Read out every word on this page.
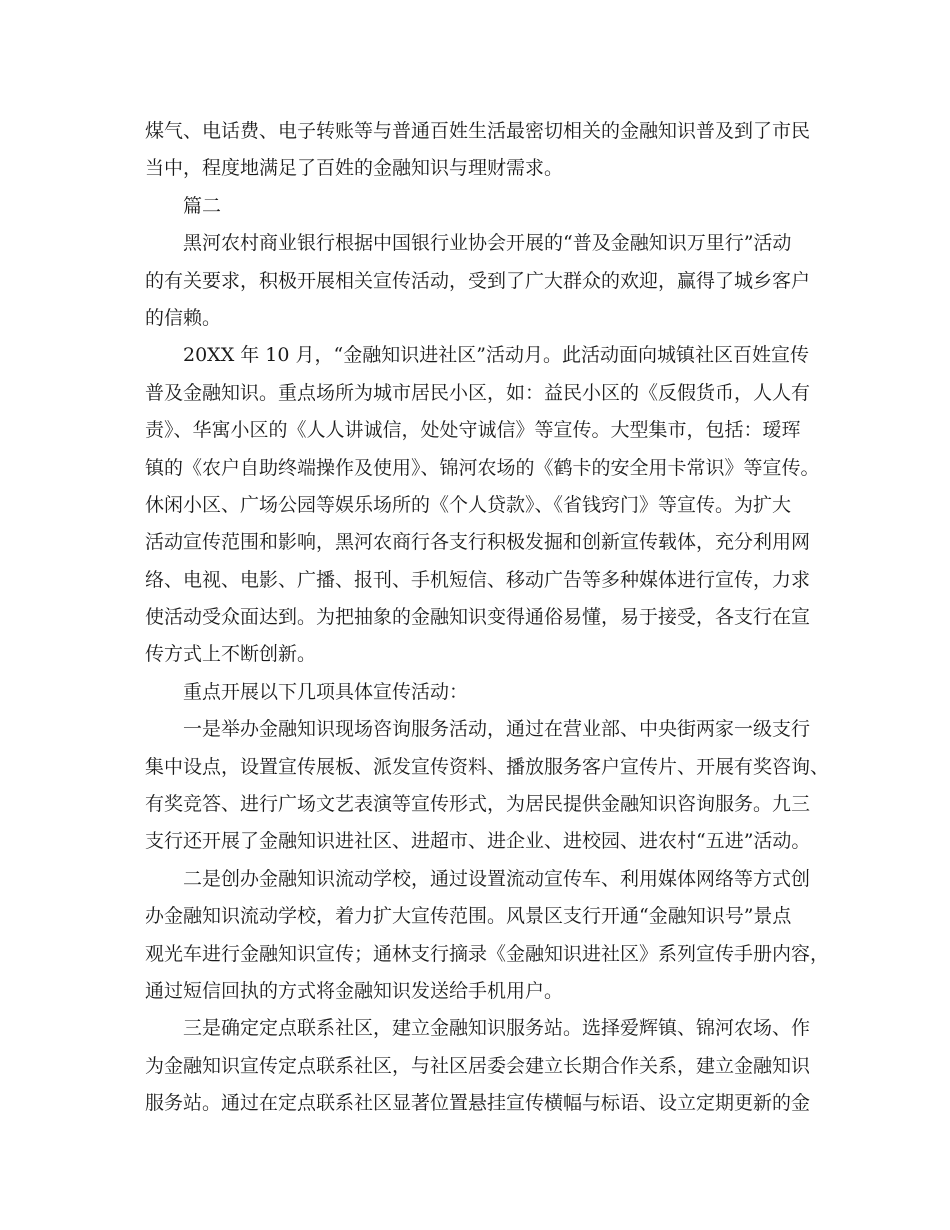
煤气、电话费、电子转账等与普通百姓生活最密切相关的金融知识普及到了市民
当中，程度地满足了百姓的金融知识与理财需求。
篇二
黑河农村商业银行根据中国银行业协会开展的“普及金融知识万里行”活动
的有关要求，积极开展相关宣传活动，受到了广大群众的欢迎，赢得了城乡客户
的信赖。
20XX 年 10 月，“金融知识进社区”活动月。此活动面向城镇社区百姓宣传
普及金融知识。重点场所为城市居民小区，如：益民小区的《反假货币，人人有
责》、华寓小区的《人人讲诚信，处处守诚信》等宣传。大型集市，包括：瑷珲
镇的《农户自助终端操作及使用》、锦河农场的《鹤卡的安全用卡常识》等宣传。
休闲小区、广场公园等娱乐场所的《个人贷款》、《省钱窍门》等宣传。为扩大
活动宣传范围和影响，黑河农商行各支行积极发掘和创新宣传载体，充分利用网
络、电视、电影、广播、报刊、手机短信、移动广告等多种媒体进行宣传，力求
使活动受众面达到。为把抽象的金融知识变得通俗易懂，易于接受，各支行在宣
传方式上不断创新。
重点开展以下几项具体宣传活动：
一是举办金融知识现场咨询服务活动，通过在营业部、中央街两家一级支行
集中设点，设置宣传展板、派发宣传资料、播放服务客户宣传片、开展有奖咨询、
有奖竞答、进行广场文艺表演等宣传形式，为居民提供金融知识咨询服务。九三
支行还开展了金融知识进社区、进超市、进企业、进校园、进农村“五进”活动。
二是创办金融知识流动学校，通过设置流动宣传车、利用媒体网络等方式创
办金融知识流动学校，着力扩大宣传范围。风景区支行开通“金融知识号”景点
观光车进行金融知识宣传；通林支行摘录《金融知识进社区》系列宣传手册内容，
通过短信回执的方式将金融知识发送给手机用户。
三是确定定点联系社区，建立金融知识服务站。选择爱辉镇、锦河农场、作
为金融知识宣传定点联系社区，与社区居委会建立长期合作关系，建立金融知识
服务站。通过在定点联系社区显著位置悬挂宣传横幅与标语、设立定期更新的金
